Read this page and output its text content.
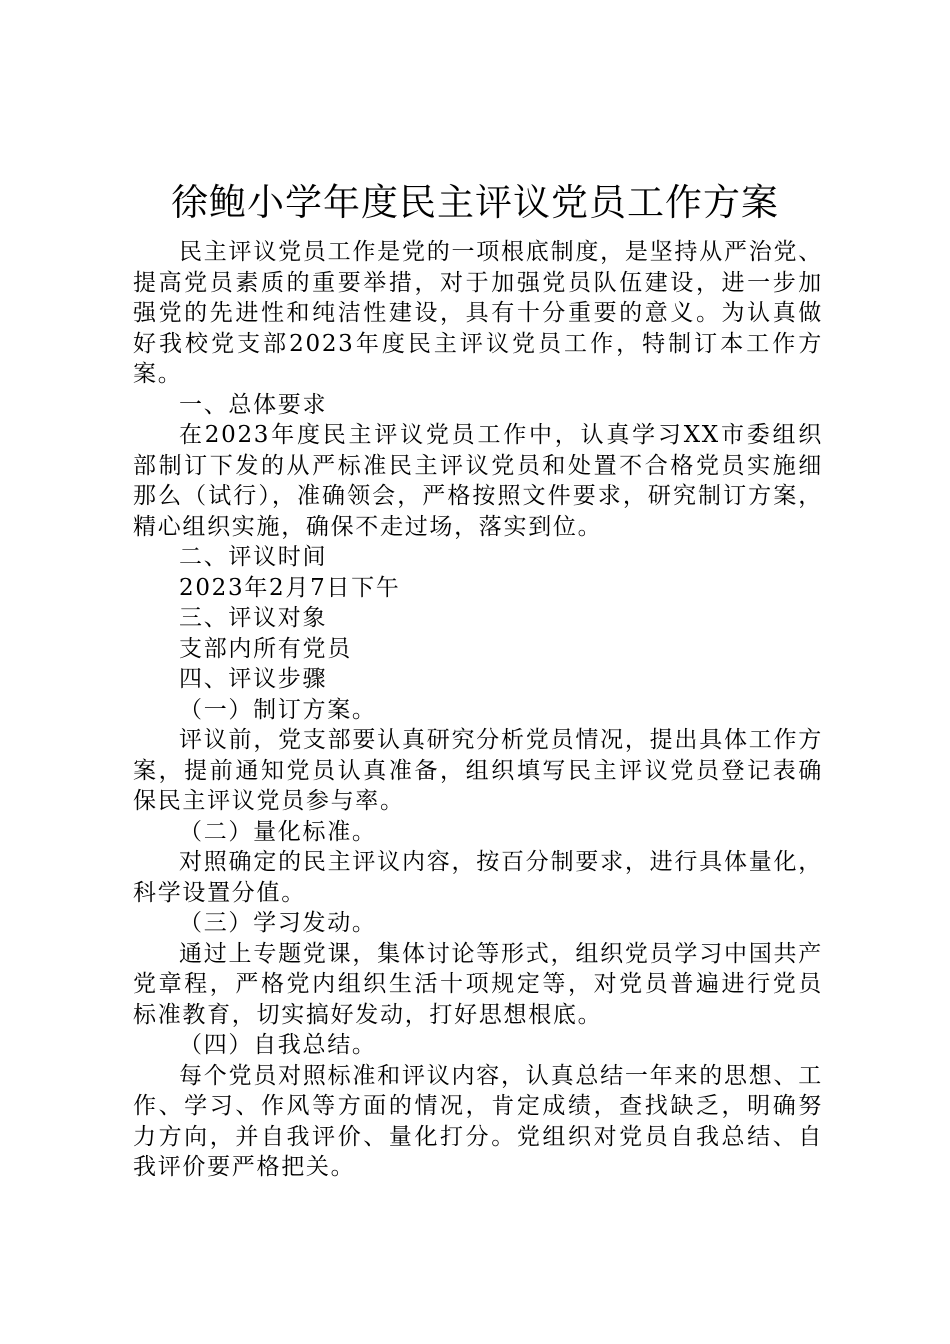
徐鲍小学年度民主评议党员工作方案

民主评议党员工作是党的一项根底制度，是坚持从严治党、提高党员素质的重要举措，对于加强党员队伍建设，进一步加强党的先进性和纯洁性建设，具有十分重要的意义。为认真做好我校党支部2023年度民主评议党员工作，特制订本工作方案。

一、总体要求

在2023年度民主评议党员工作中，认真学习XX市委组织部制订下发的从严标准民主评议党员和处置不合格党员实施细那么（试行），准确领会，严格按照文件要求，研究制订方案，精心组织实施，确保不走过场，落实到位。

二、评议时间

2023年2月7日下午

三、评议对象

支部内所有党员

四、评议步骤

（一）制订方案。

评议前，党支部要认真研究分析党员情况，提出具体工作方案，提前通知党员认真准备，组织填写民主评议党员登记表确保民主评议党员参与率。

（二）量化标准。

对照确定的民主评议内容，按百分制要求，进行具体量化，科学设置分值。

（三）学习发动。

通过上专题党课，集体讨论等形式，组织党员学习中国共产党章程，严格党内组织生活十项规定等，对党员普遍进行党员标准教育，切实搞好发动，打好思想根底。

（四）自我总结。

每个党员对照标准和评议内容，认真总结一年来的思想、工作、学习、作风等方面的情况，肯定成绩，查找缺乏，明确努力方向，并自我评价、量化打分。党组织对党员自我总结、自我评价要严格把关。
